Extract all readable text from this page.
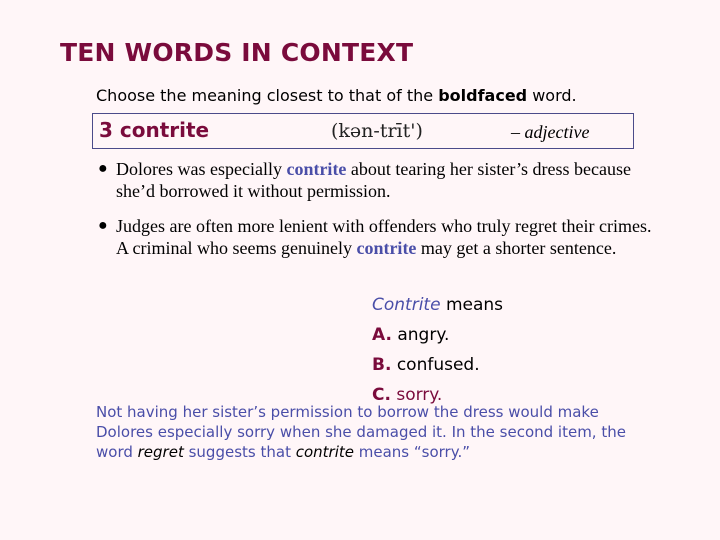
TEN WORDS IN CONTEXT
Choose the meaning closest to that of the boldfaced word.
3 contrite	(kən-trīt')	– adjective
● Dolores was especially contrite about tearing her sister’s dress because she’d borrowed it without permission.
● Judges are often more lenient with offenders who truly regret their crimes. A criminal who seems genuinely contrite may get a shorter sentence.
Contrite means
A. angry.
B. confused.
C. sorry.
Not having her sister’s permission to borrow the dress would make Dolores especially sorry when she damaged it. In the second item, the word regret suggests that contrite means “sorry.”
